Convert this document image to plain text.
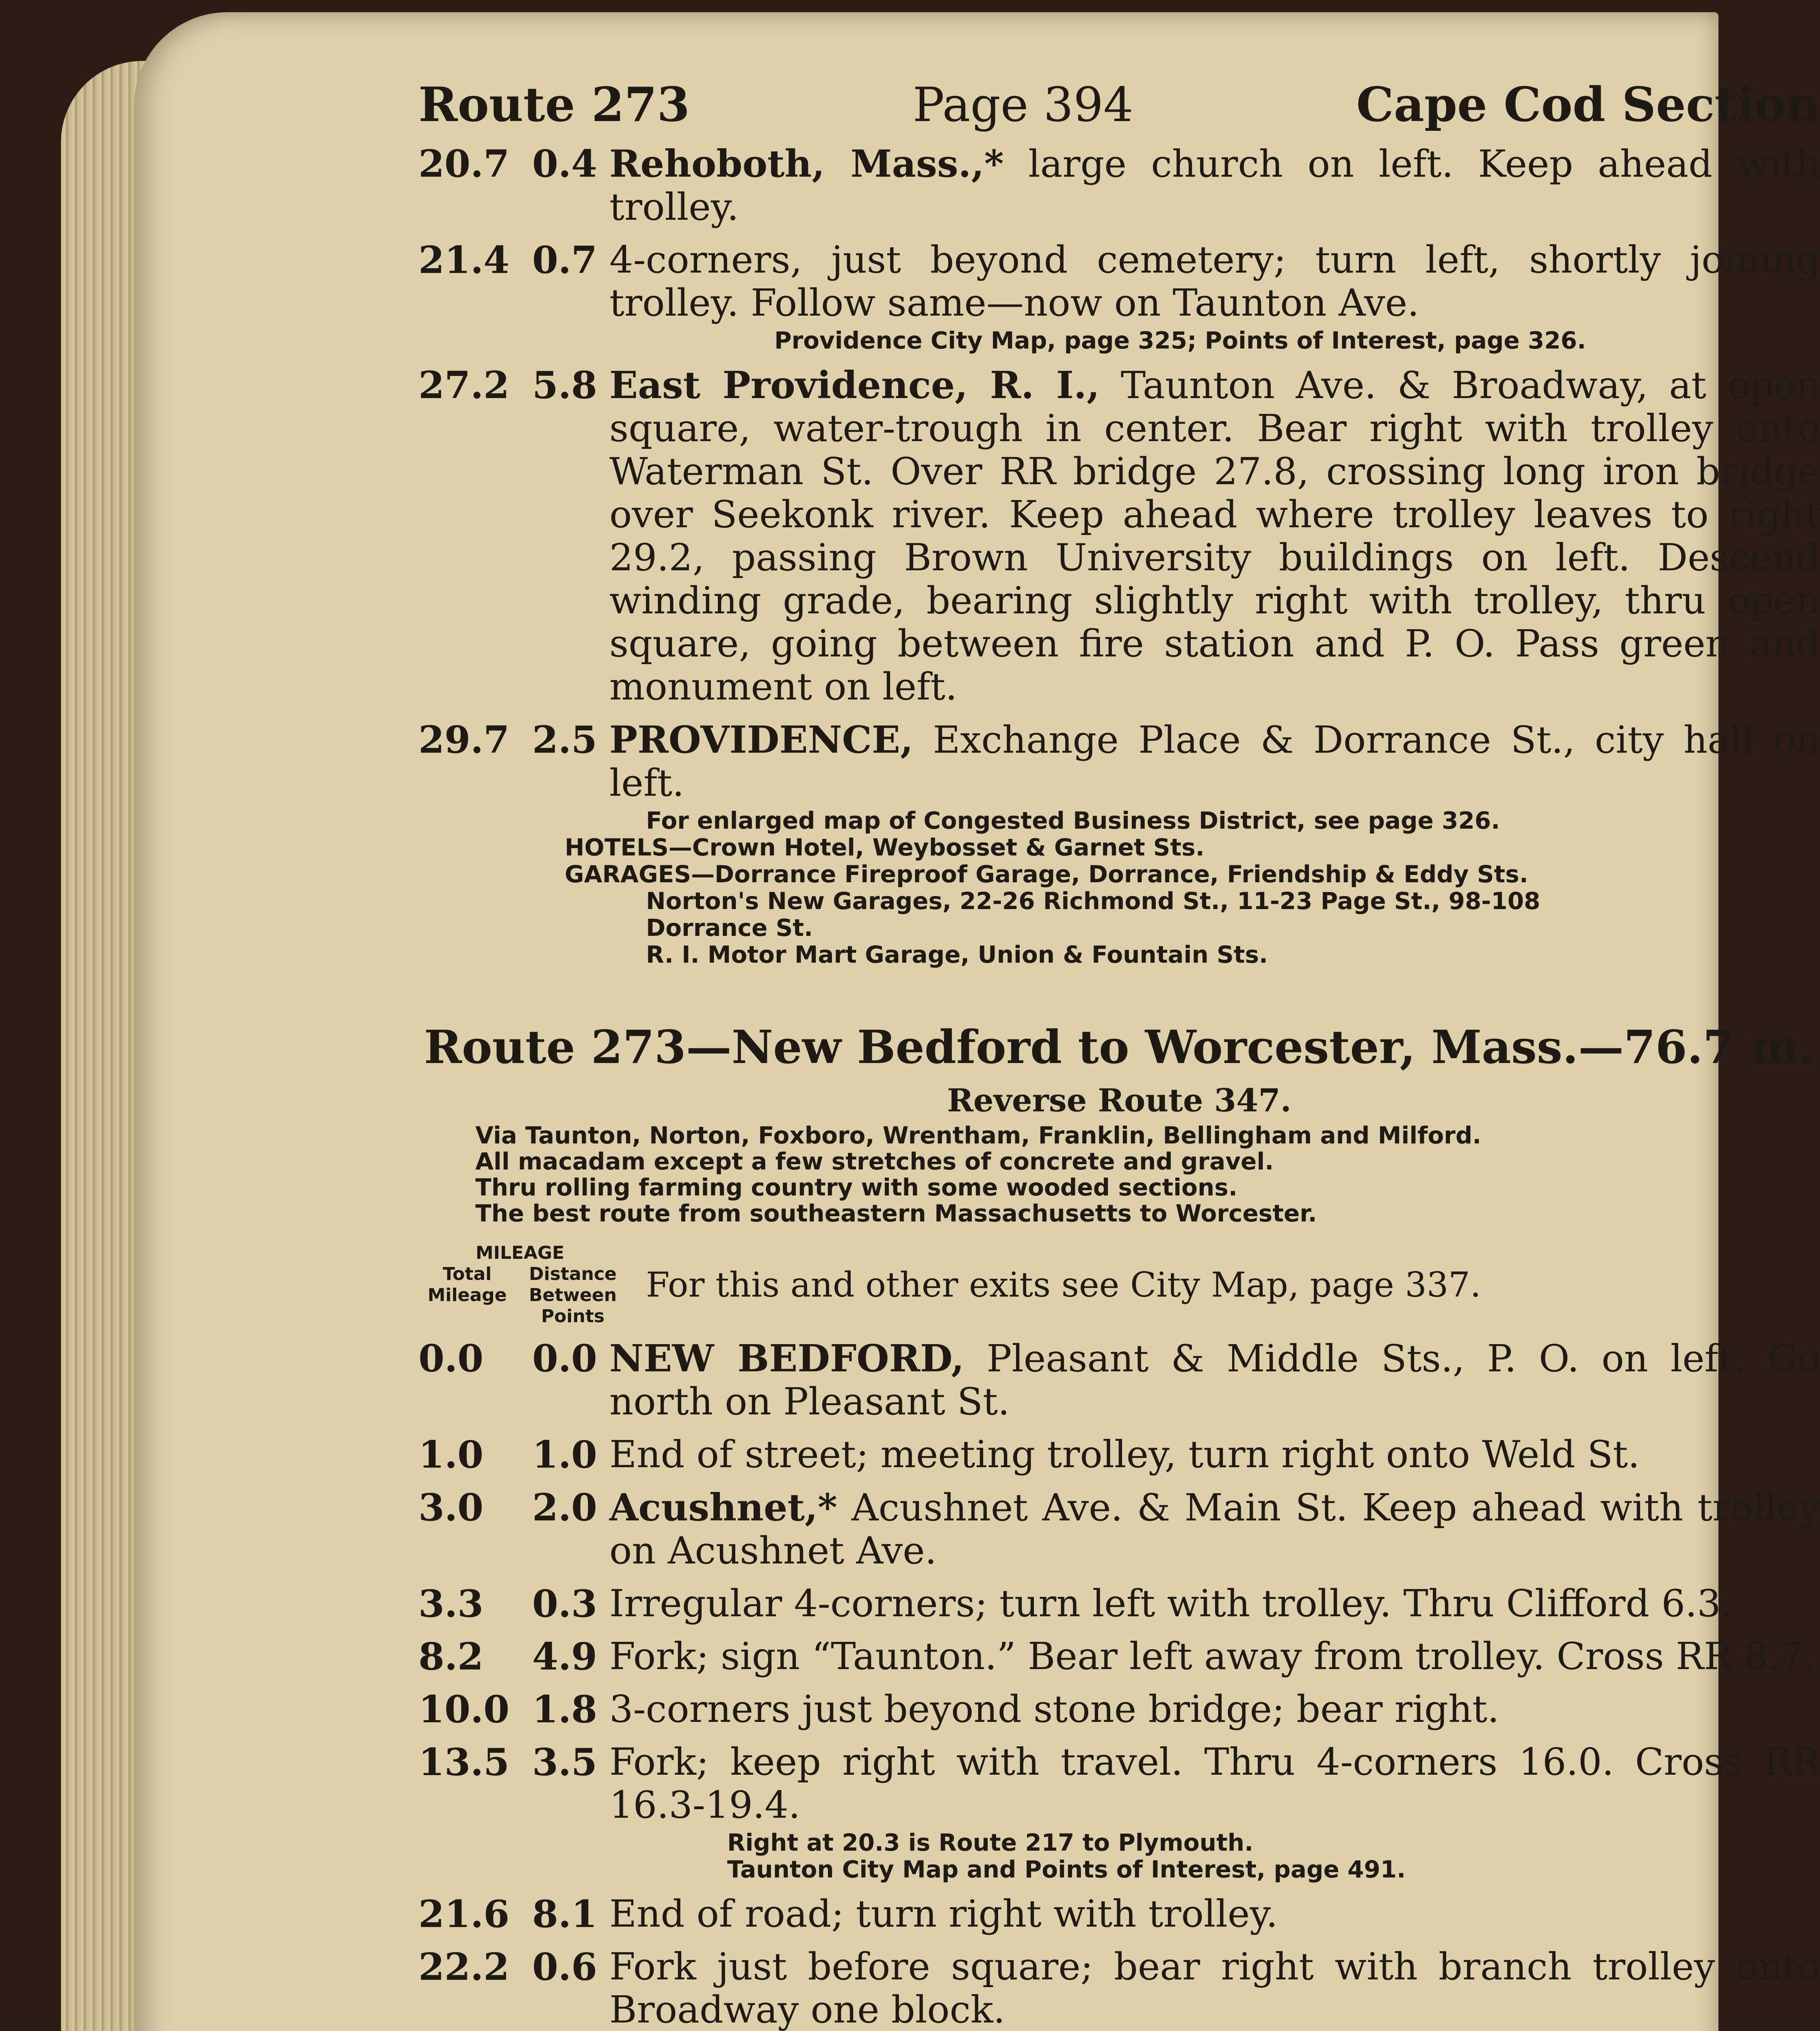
Route 273	Page 394	Cape Cod Section
20.7 0.4 Rehoboth, Mass.,* large church on left. Keep ahead with trolley.
21.4 0.7 4-corners, just beyond cemetery; turn left, shortly joining trolley. Follow same—now on Taunton Ave.
Providence City Map, page 325; Points of Interest, page 326.
27.2 5.8 East Providence, R. I., Taunton Ave. & Broadway, at open square, water-trough in center. Bear right with trolley onto Waterman St. Over RR bridge 27.8, crossing long iron bridge over Seekonk river. Keep ahead where trolley leaves to right 29.2, passing Brown University buildings on left. Descend winding grade, bearing slightly right with trolley, thru open square, going between fire station and P. O. Pass green and monument on left.
29.7 2.5 PROVIDENCE, Exchange Place & Dorrance St., city hall on left.
For enlarged map of Congested Business District, see page 326.
HOTELS—Crown Hotel, Weybosset & Garnet Sts.
GARAGES—Dorrance Fireproof Garage, Dorrance, Friendship & Eddy Sts.
Norton's New Garages, 22-26 Richmond St., 11-23 Page St., 98-108
Dorrance St.
R. I. Motor Mart Garage, Union & Fountain Sts.
Route 273—New Bedford to Worcester, Mass.—76.7 m.
Reverse Route 347.
Via Taunton, Norton, Foxboro, Wrentham, Franklin, Bellingham and Milford.
All macadam except a few stretches of concrete and gravel.
Thru rolling farming country with some wooded sections.
The best route from southeastern Massachusetts to Worcester.
MILEAGE
Total Mileage
Distance Between Points
For this and other exits see City Map, page 337.
0.0	0.0 NEW BEDFORD, Pleasant & Middle Sts., P. O. on left. Go north on Pleasant St.
1.0	1.0 End of street; meeting trolley, turn right onto Weld St.
3.0	2.0 Acushnet,* Acushnet Ave. & Main St. Keep ahead with trolley on Acushnet Ave.
3.3	0.3 Irregular 4-corners; turn left with trolley. Thru Clifford 6.3.
8.2	4.9 Fork; sign “Taunton.” Bear left away from trolley. Cross RR 8.7.
10.0 1.8 3-corners just beyond stone bridge; bear right.
13.5 3.5 Fork; keep right with travel. Thru 4-corners 16.0. Cross RR 16.3-19.4.
Right at 20.3 is Route 217 to Plymouth.
Taunton City Map and Points of Interest, page 491.
21.6 8.1 End of road; turn right with trolley.
22.2 0.6 Fork just before square; bear right with branch trolley onto Broadway one block.
